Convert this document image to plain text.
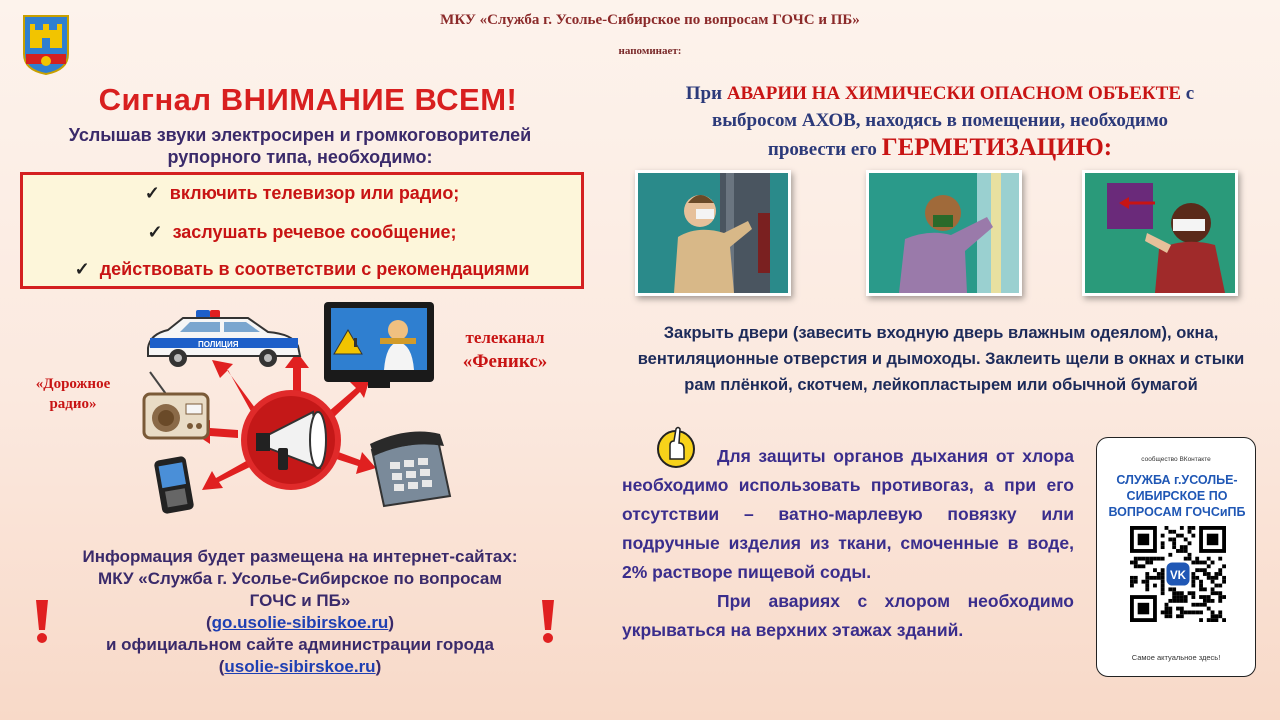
МКУ «Служба г. Усолье-Сибирское по вопросам ГОЧС и ПБ»
напоминает:
Сигнал ВНИМАНИЕ ВСЕМ!
Услышав звуки электросирен и громкоговорителей
рупорного типа, необходимо:
✓ включить телевизор или радио;
✓ заслушать речевое сообщение;
✓ действовать в соответствии с рекомендациями
ПОЛИЦИЯ	телеканал
«Феникс»
«Дорожное
радио»
Информация будет размещена на интернет-сайтах:
МКУ «Служба г. Усолье-Сибирское по вопросам
ГОЧС и ПБ»
(go.usolie-sibirskoe.ru)
и официальном сайте администрации города
(usolie-sibirskoe.ru)
При АВАРИИ НА ХИМИЧЕСКИ ОПАСНОМ ОБЪЕКТЕ с
выбросом АХОВ, находясь в помещении, необходимо
провести его ГЕРМЕТИЗАЦИЮ:
Закрыть двери (завесить входную дверь влажным одеялом), окна, вентиляционные отверстия и дымоходы. Заклеить щели в окнах и стыки рам плёнкой, скотчем, лейкопластырем или обычной бумагой

Для защиты органов дыхания от хлора необходимо использовать противогаз, а при его отсутствии – ватно-марлевую повязку или подручные изделия из ткани, смоченные в воде, 2% растворе пищевой соды.

При авариях с хлором необходимо укрываться на верхних этажах зданий.

сообщество ВКонтакте
СЛУЖБА г.УСОЛЬЕ-СИБИРСКОЕ ПО ВОПРОСАМ ГОЧСиПБ
VK
Самое актуальное здесь!
